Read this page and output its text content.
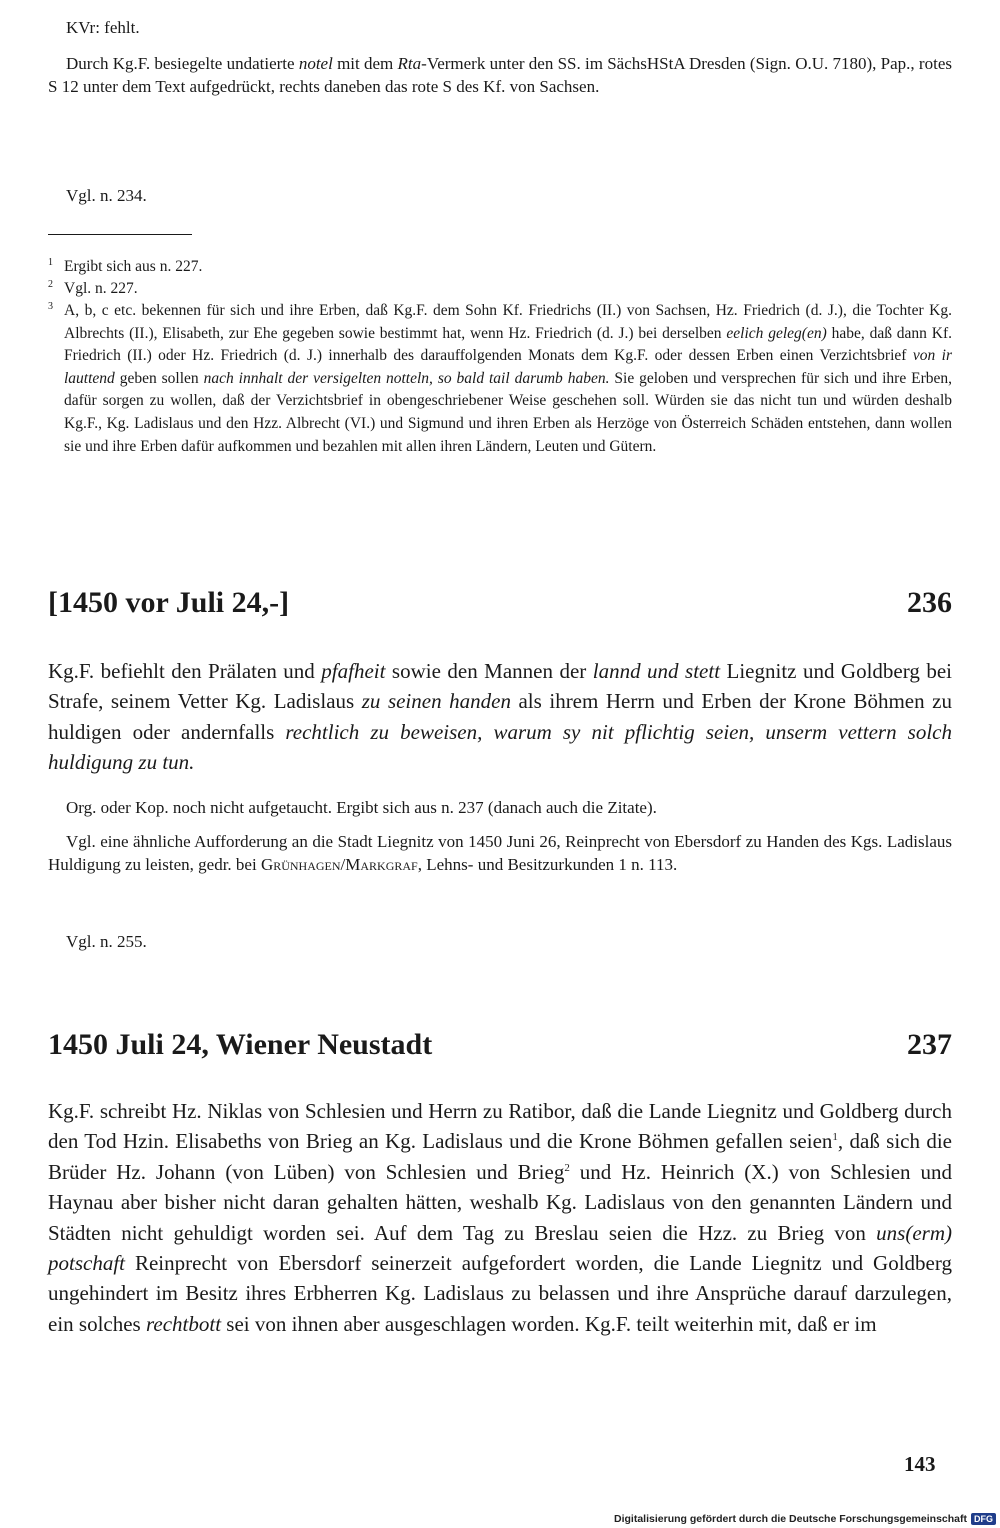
KVr: fehlt.

Durch Kg.F. besiegelte undatierte notel mit dem Rta-Vermerk unter den SS. im SächsHStA Dresden (Sign. O.U. 7180), Pap., rotes S 12 unter dem Text aufgedrückt, rechts daneben das rote S des Kf. von Sachsen.

Vgl. n. 234.

1 Ergibt sich aus n. 227.

2 Vgl. n. 227.

3 A, b, c etc. bekennen für sich und ihre Erben, daß Kg.F. dem Sohn Kf. Friedrichs (II.) von Sachsen, Hz. Friedrich (d. J.), die Tochter Kg. Albrechts (II.), Elisabeth, zur Ehe gegeben sowie bestimmt hat, wenn Hz. Friedrich (d. J.) bei derselben eelich geleg(en) habe, daß dann Kf. Friedrich (II.) oder Hz. Friedrich (d. J.) innerhalb des darauffolgenden Monats dem Kg.F. oder dessen Erben einen Verzichtsbrief von ir lauttend geben sollen nach innhalt der versigelten notteln, so bald tail darumb haben. Sie geloben und versprechen für sich und ihre Erben, dafür sorgen zu wollen, daß der Verzichtsbrief in obengeschriebener Weise geschehen soll. Würden sie das nicht tun und würden deshalb Kg.F., Kg. Ladislaus und den Hzz. Albrecht (VI.) und Sigmund und ihren Erben als Herzöge von Österreich Schäden entstehen, dann wollen sie und ihre Erben dafür aufkommen und bezahlen mit allen ihren Ländern, Leuten und Gütern.

[1450 vor Juli 24,-]	236

Kg.F. befiehlt den Prälaten und pfafheit sowie den Mannen der lannd und stett Liegnitz und Goldberg bei Strafe, seinem Vetter Kg. Ladislaus zu seinen handen als ihrem Herrn und Erben der Krone Böhmen zu huldigen oder andernfalls rechtlich zu beweisen, warum sy nit pflichtig seien, unserm vettern solch huldigung zu tun.

Org. oder Kop. noch nicht aufgetaucht. Ergibt sich aus n. 237 (danach auch die Zitate).

Vgl. eine ähnliche Aufforderung an die Stadt Liegnitz von 1450 Juni 26, Reinprecht von Ebersdorf zu Handen des Kgs. Ladislaus Huldigung zu leisten, gedr. bei Grünhagen/Markgraf, Lehns- und Besitzurkunden 1 n. 113.

Vgl. n. 255.

1450 Juli 24, Wiener Neustadt	237

Kg.F. schreibt Hz. Niklas von Schlesien und Herrn zu Ratibor, daß die Lande Liegnitz und Goldberg durch den Tod Hzin. Elisabeths von Brieg an Kg. Ladislaus und die Krone Böhmen gefallen seien$^1$, daß sich die Brüder Hz. Johann (von Lüben) von Schlesien und Brieg$^2$ und Hz. Heinrich (X.) von Schlesien und Haynau aber bisher nicht daran gehalten hätten, weshalb Kg. Ladislaus von den genannten Ländern und Städten nicht gehuldigt worden sei. Auf dem Tag zu Breslau seien die Hzz. zu Brieg von uns(erm) potschaft Reinprecht von Ebersdorf seinerzeit aufgefordert worden, die Lande Liegnitz und Goldberg ungehindert im Besitz ihres Erbherren Kg. Ladislaus zu belassen und ihre Ansprüche darauf darzulegen, ein solches rechtbott sei von ihnen aber ausgeschlagen worden. Kg.F. teilt weiterhin mit, daß er im

143
Digitalisierung gefördert durch die Deutsche Forschungsgemeinschaft DFG
